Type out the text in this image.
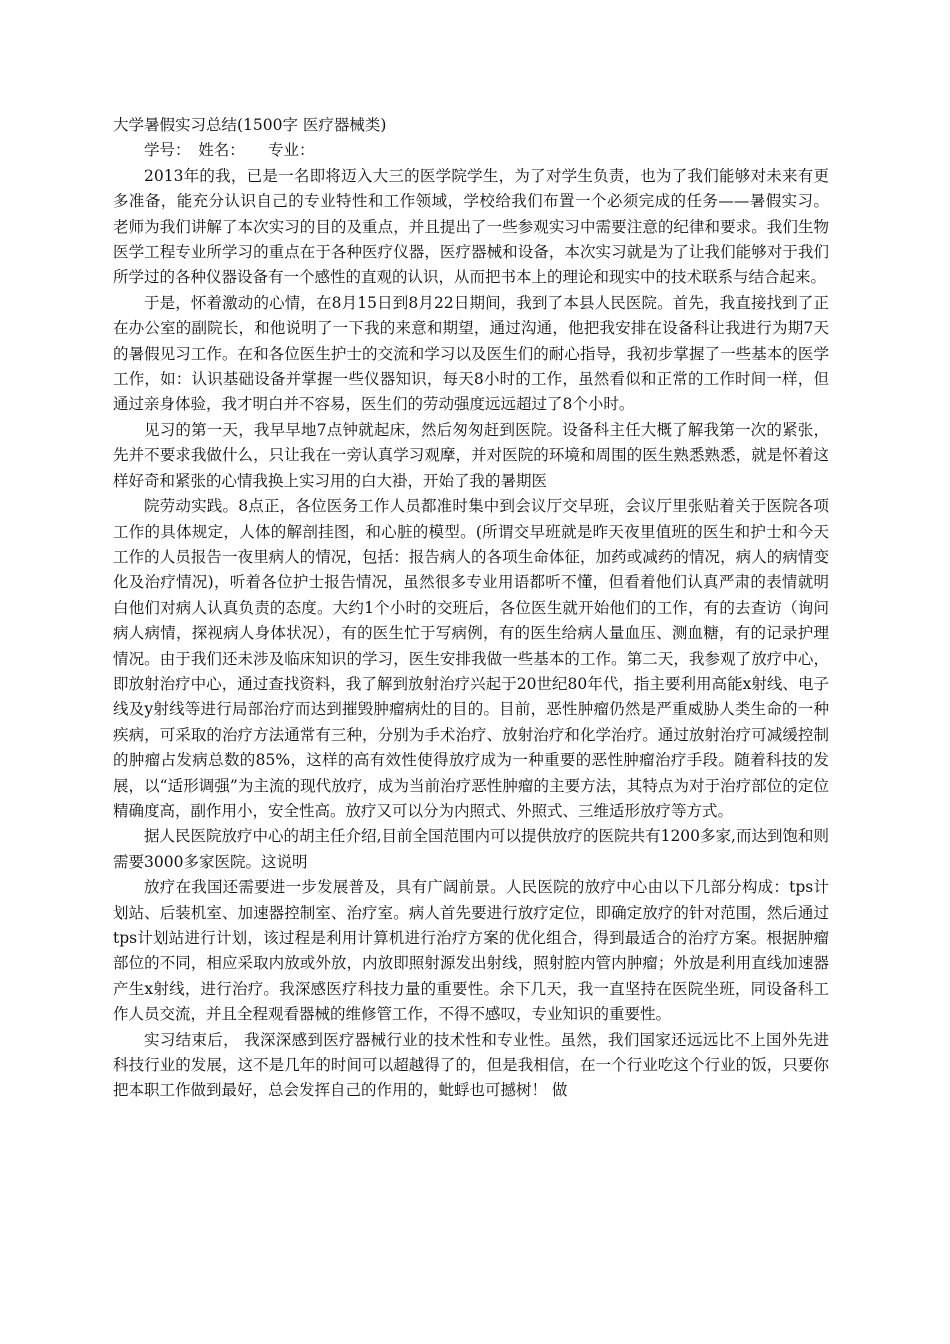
大学暑假实习总结(1500字 医疗器械类)

学号：　姓名：　　专业：

2013年的我，已是一名即将迈入大三的医学院学生，为了对学生负责，也为了我们能够对未来有更多准备，能充分认识自己的专业特性和工作领域，学校给我们布置一个必须完成的任务——暑假实习。 老师为我们讲解了本次实习的目的及重点，并且提出了一些参观实习中需要注意的纪律和要求。我们生物医学工程专业所学习的重点在于各种医疗仪器，医疗器械和设备，本次实习就是为了让我们能够对于我们所学过的各种仪器设备有一个感性的直观的认识，从而把书本上的理论和现实中的技术联系与结合起来。

于是，怀着激动的心情，在8月15日到8月22日期间，我到了本县人民医院。首先，我直接找到了正在办公室的副院长，和他说明了一下我的来意和期望，通过沟通，他把我安排在设备科让我进行为期7天的暑假见习工作。在和各位医生护士的交流和学习以及医生们的耐心指导，我初步掌握了一些基本的医学工作，如：认识基础设备并掌握一些仪器知识，每天8小时的工作，虽然看似和正常的工作时间一样，但通过亲身体验，我才明白并不容易，医生们的劳动强度远远超过了8个小时。

见习的第一天，我早早地7点钟就起床，然后匆匆赶到医院。设备科主任大概了解我第一次的紧张，先并不要求我做什么，只让我在一旁认真学习观摩，并对医院的环境和周围的医生熟悉熟悉，就是怀着这样好奇和紧张的心情我换上实习用的白大褂，开始了我的暑期医

院劳动实践。8点正，各位医务工作人员都准时集中到会议厅交早班，会议厅里张贴着关于医院各项工作的具体规定，人体的解剖挂图，和心脏的模型。(所谓交早班就是昨天夜里值班的医生和护士和今天工作的人员报告一夜里病人的情况，包括：报告病人的各项生命体征，加药或减药的情况，病人的病情变化及治疗情况)，听着各位护士报告情况，虽然很多专业用语都听不懂，但看着他们认真严肃的表情就明白他们对病人认真负责的态度。大约1个小时的交班后，各位医生就开始他们的工作，有的去查访（询问病人病情，探视病人身体状况），有的医生忙于写病例，有的医生给病人量血压、测血糖，有的记录护理情况。由于我们还未涉及临床知识的学习，医生安排我做一些基本的工作。第二天，我参观了放疗中心，即放射治疗中心，通过查找资料，我了解到放射治疗兴起于20世纪80年代，指主要利用高能x射线、电子线及y射线等进行局部治疗而达到摧毁肿瘤病灶的目的。目前，恶性肿瘤仍然是严重威胁人类生命的一种疾病，可采取的治疗方法通常有三种，分别为手术治疗、放射治疗和化学治疗。通过放射治疗可减缓控制的肿瘤占发病总数的85%，这样的高有效性使得放疗成为一种重要的恶性肿瘤治疗手段。随着科技的发展，以“适形调强”为主流的现代放疗，成为当前治疗恶性肿瘤的主要方法，其特点为对于治疗部位的定位精确度高，副作用小，安全性高。放疗又可以分为内照式、外照式、三维适形放疗等方式。

据人民医院放疗中心的胡主任介绍,目前全国范围内可以提供放疗的医院共有1200多家,而达到饱和则需要3000多家医院。这说明

放疗在我国还需要进一步发展普及，具有广阔前景。人民医院的放疗中心由以下几部分构成：tps计划站、后装机室、加速器控制室、治疗室。病人首先要进行放疗定位，即确定放疗的针对范围，然后通过tps计划站进行计划，该过程是利用计算机进行治疗方案的优化组合，得到最适合的治疗方案。根据肿瘤部位的不同，相应采取内放或外放，内放即照射源发出射线，照射腔内管内肿瘤；外放是利用直线加速器产生x射线，进行治疗。我深感医疗科技力量的重要性。余下几天，我一直坚持在医院坐班，同设备科工作人员交流，并且全程观看器械的维修管工作，不得不感叹，专业知识的重要性。

实习结束后， 我深深感到医疗器械行业的技术性和专业性。虽然，我们国家还远远比不上国外先进科技行业的发展，这不是几年的时间可以超越得了的，但是我相信，在一个行业吃这个行业的饭，只要你把本职工作做到最好，总会发挥自己的作用的，蚍蜉也可撼树！ 做
